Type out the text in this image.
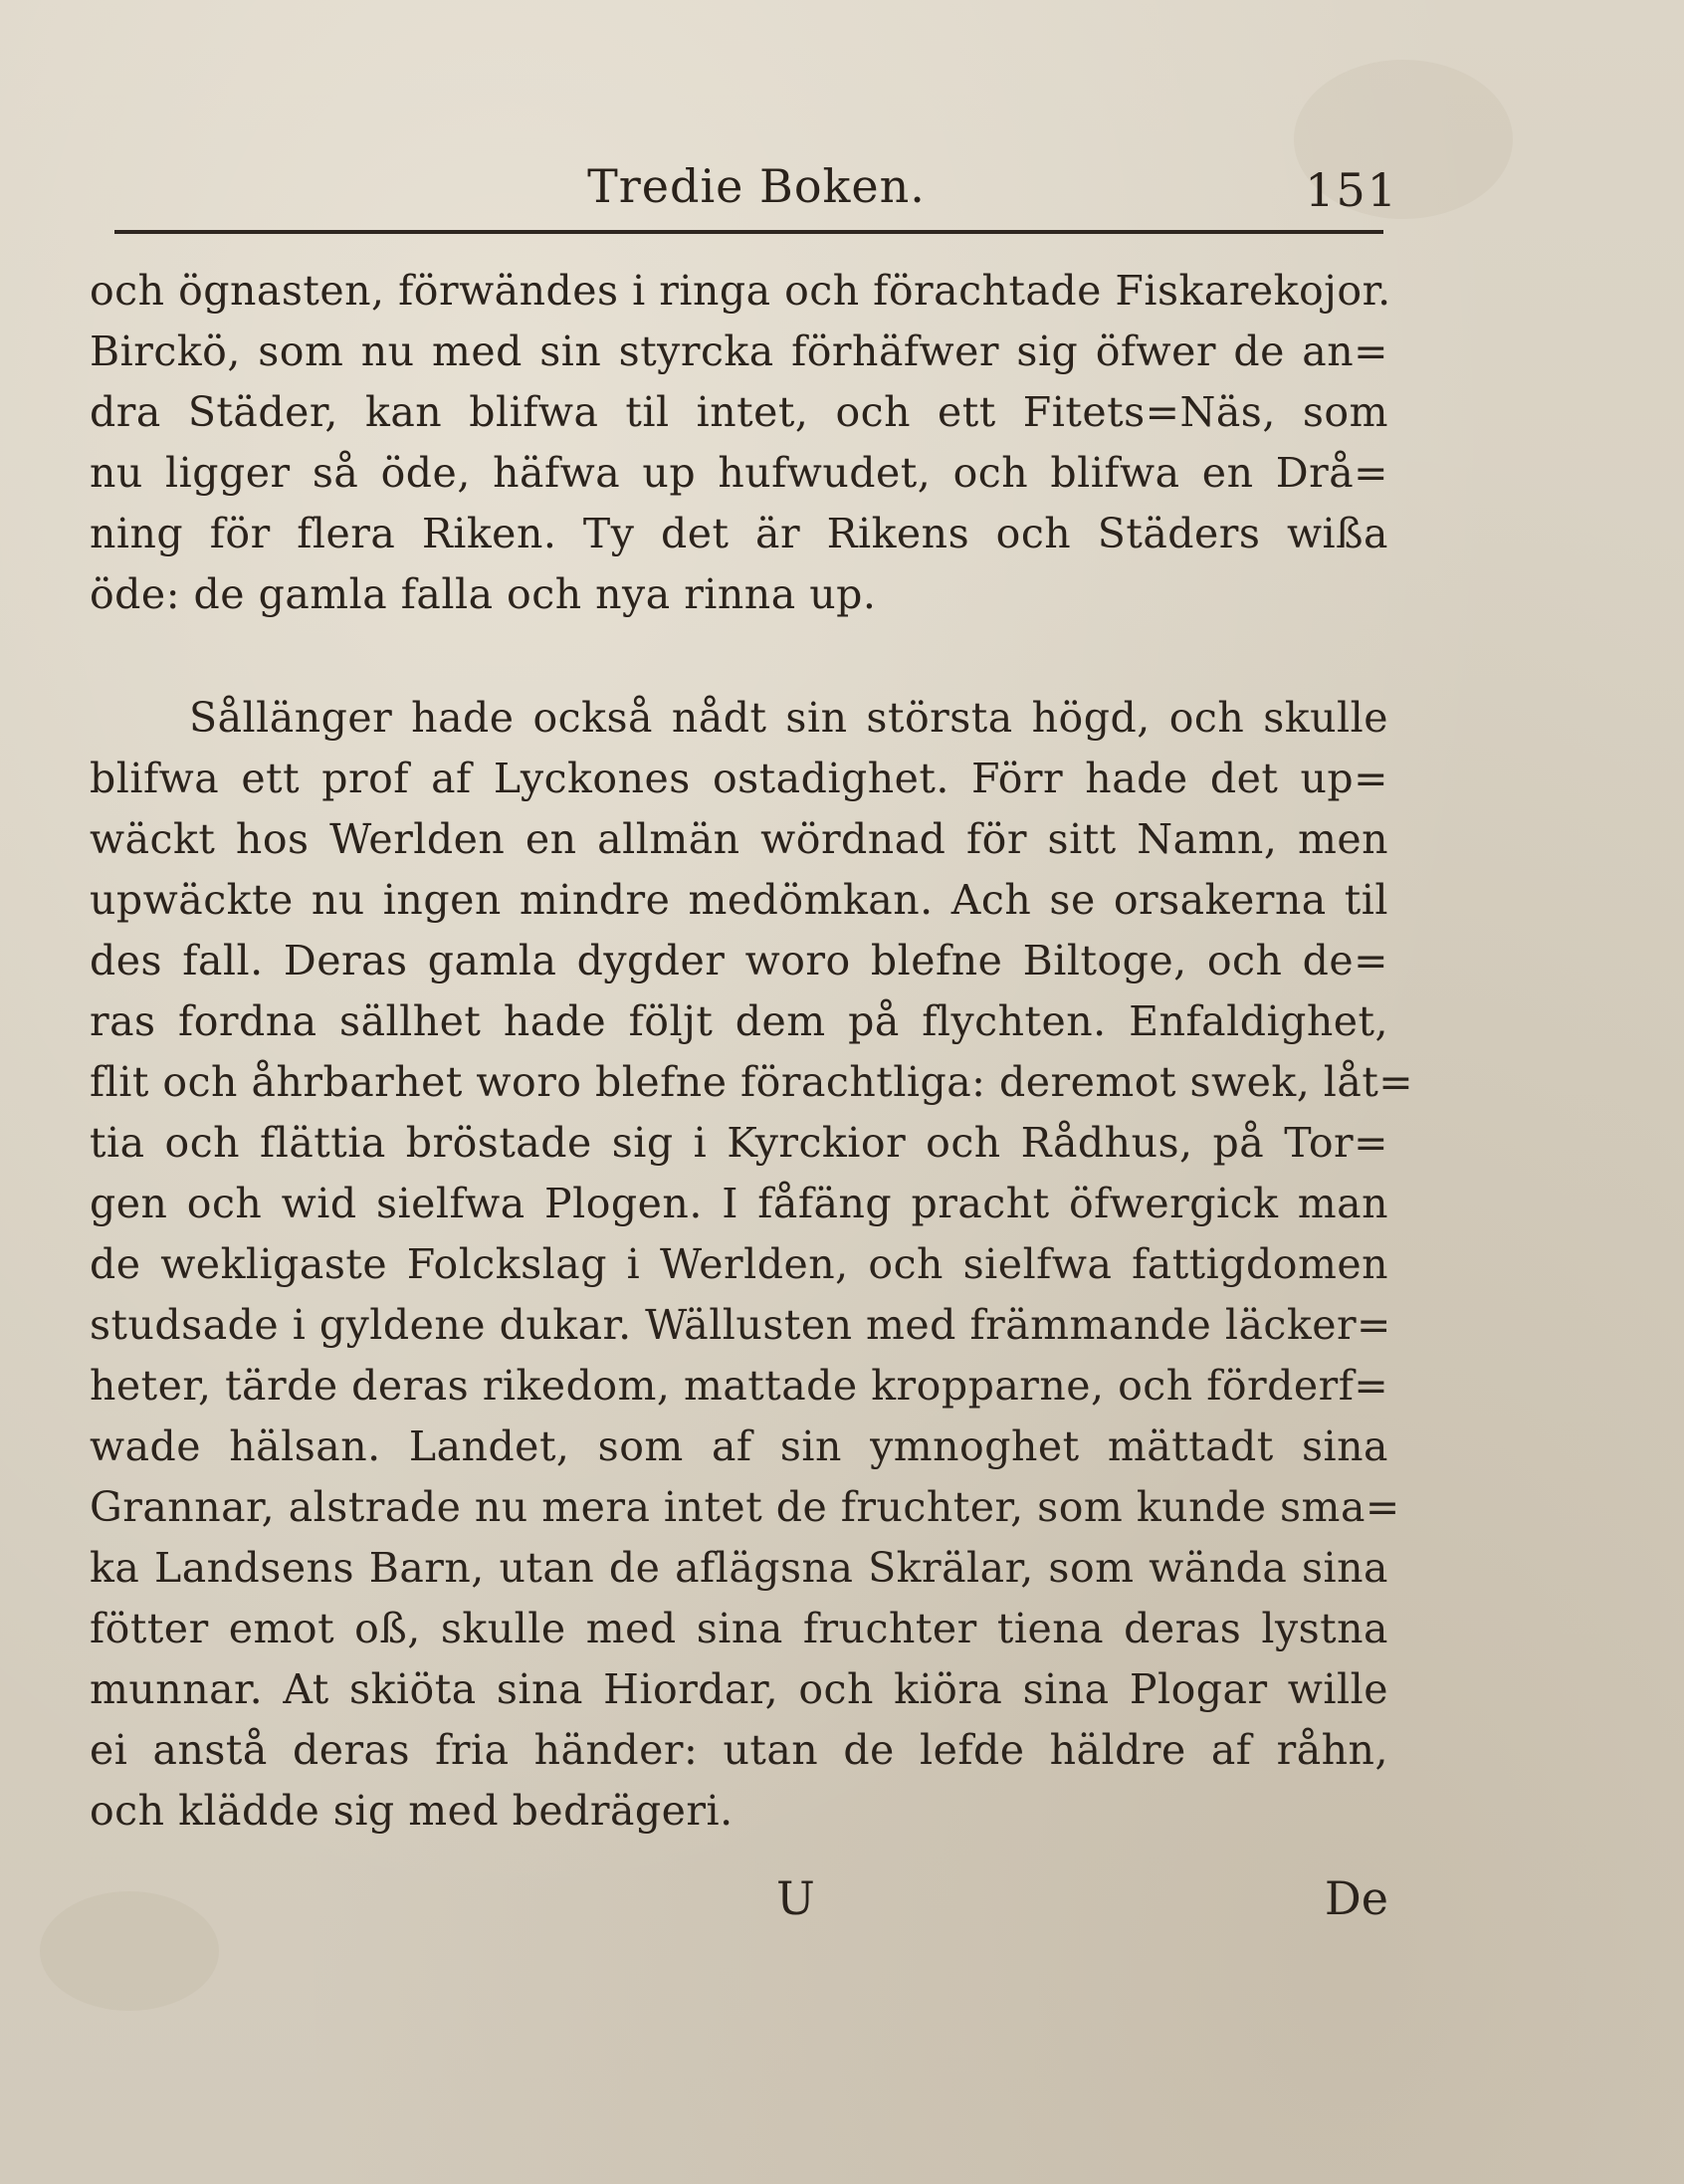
Tredie Boken.	151
och ögnasten, förwändes i ringa och förachtade Fiskarekojor.
Birckö, som nu med sin styrcka förhäfwer sig öfwer de an=
dra Städer, kan blifwa til intet, och ett Fitets=Näs, som
nu ligger så öde, häfwa up hufwudet, och blifwa en Drå=
ning för flera Riken. Ty det är Rikens och Städers wißa
öde: de gamla falla och nya rinna up.
Sållänger hade också nådt sin största högd, och skulle
blifwa ett prof af Lyckones ostadighet. Förr hade det up=
wäckt hos Werlden en allmän wördnad för sitt Namn, men
upwäckte nu ingen mindre medömkan. Ach se orsakerna til
des fall. Deras gamla dygder woro blefne Biltoge, och de=
ras fordna sällhet hade följt dem på flychten. Enfaldighet,
flit och åhrbarhet woro blefne förachtliga: deremot swek, låt=
tia och flättia bröstade sig i Kyrckior och Rådhus, på Tor=
gen och wid sielfwa Plogen. I fåfäng pracht öfwergick man
de wekligaste Folckslag i Werlden, och sielfwa fattigdomen
studsade i gyldene dukar. Wällusten med främmande läcker=
heter, tärde deras rikedom, mattade kropparne, och förderf=
wade hälsan. Landet, som af sin ymnoghet mättadt sina
Grannar, alstrade nu mera intet de fruchter, som kunde sma=
ka Landsens Barn, utan de aflägsna Skrälar, som wända sina
fötter emot oß, skulle med sina fruchter tiena deras lystna
munnar. At skiöta sina Hiordar, och kiöra sina Plogar wille
ei anstå deras fria händer: utan de lefde häldre af råhn,
och klädde sig med bedrägeri.
U	De
